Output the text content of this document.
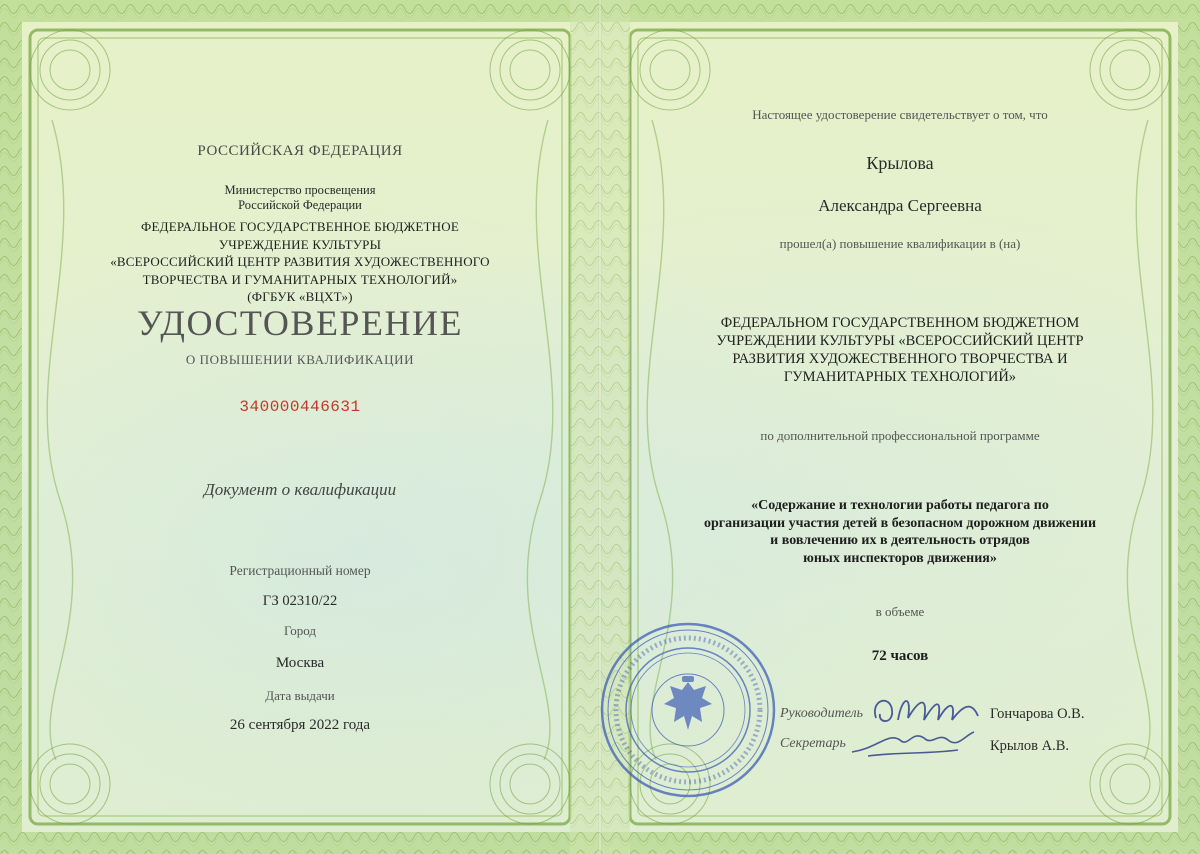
РОССИЙСКАЯ ФЕДЕРАЦИЯ
Министерство просвещения
Российской Федерации
ФЕДЕРАЛЬНОЕ ГОСУДАРСТВЕННОЕ БЮДЖЕТНОЕ
УЧРЕЖДЕНИЕ КУЛЬТУРЫ
«ВСЕРОССИЙСКИЙ ЦЕНТР РАЗВИТИЯ ХУДОЖЕСТВЕННОГО
ТВОРЧЕСТВА И ГУМАНИТАРНЫХ ТЕХНОЛОГИЙ»
(ФГБУК «ВЦХТ»)
УДОСТОВЕРЕНИЕ
О ПОВЫШЕНИИ КВАЛИФИКАЦИИ
340000446631
Документ о квалификации
Регистрационный номер
ГЗ 02310/22
Город
Москва
Дата выдачи
26 сентября 2022 года
Настоящее удостоверение свидетельствует о том, что
Крылова
Александра Сергеевна
прошел(а) повышение квалификации в (на)
ФЕДЕРАЛЬНОМ ГОСУДАРСТВЕННОМ БЮДЖЕТНОМ
УЧРЕЖДЕНИИ КУЛЬТУРЫ «ВСЕРОССИЙСКИЙ ЦЕНТР
РАЗВИТИЯ ХУДОЖЕСТВЕННОГО ТВОРЧЕСТВА И
ГУМАНИТАРНЫХ ТЕХНОЛОГИЙ»
по дополнительной профессиональной программе
«Содержание и технологии работы педагога по
организации участия детей в безопасном дорожном движении
и вовлечению их в деятельность отрядов
юных инспекторов движения»
в объеме
72 часов
Руководитель	Гончарова О.В.
Секретарь	Крылов А.В.
